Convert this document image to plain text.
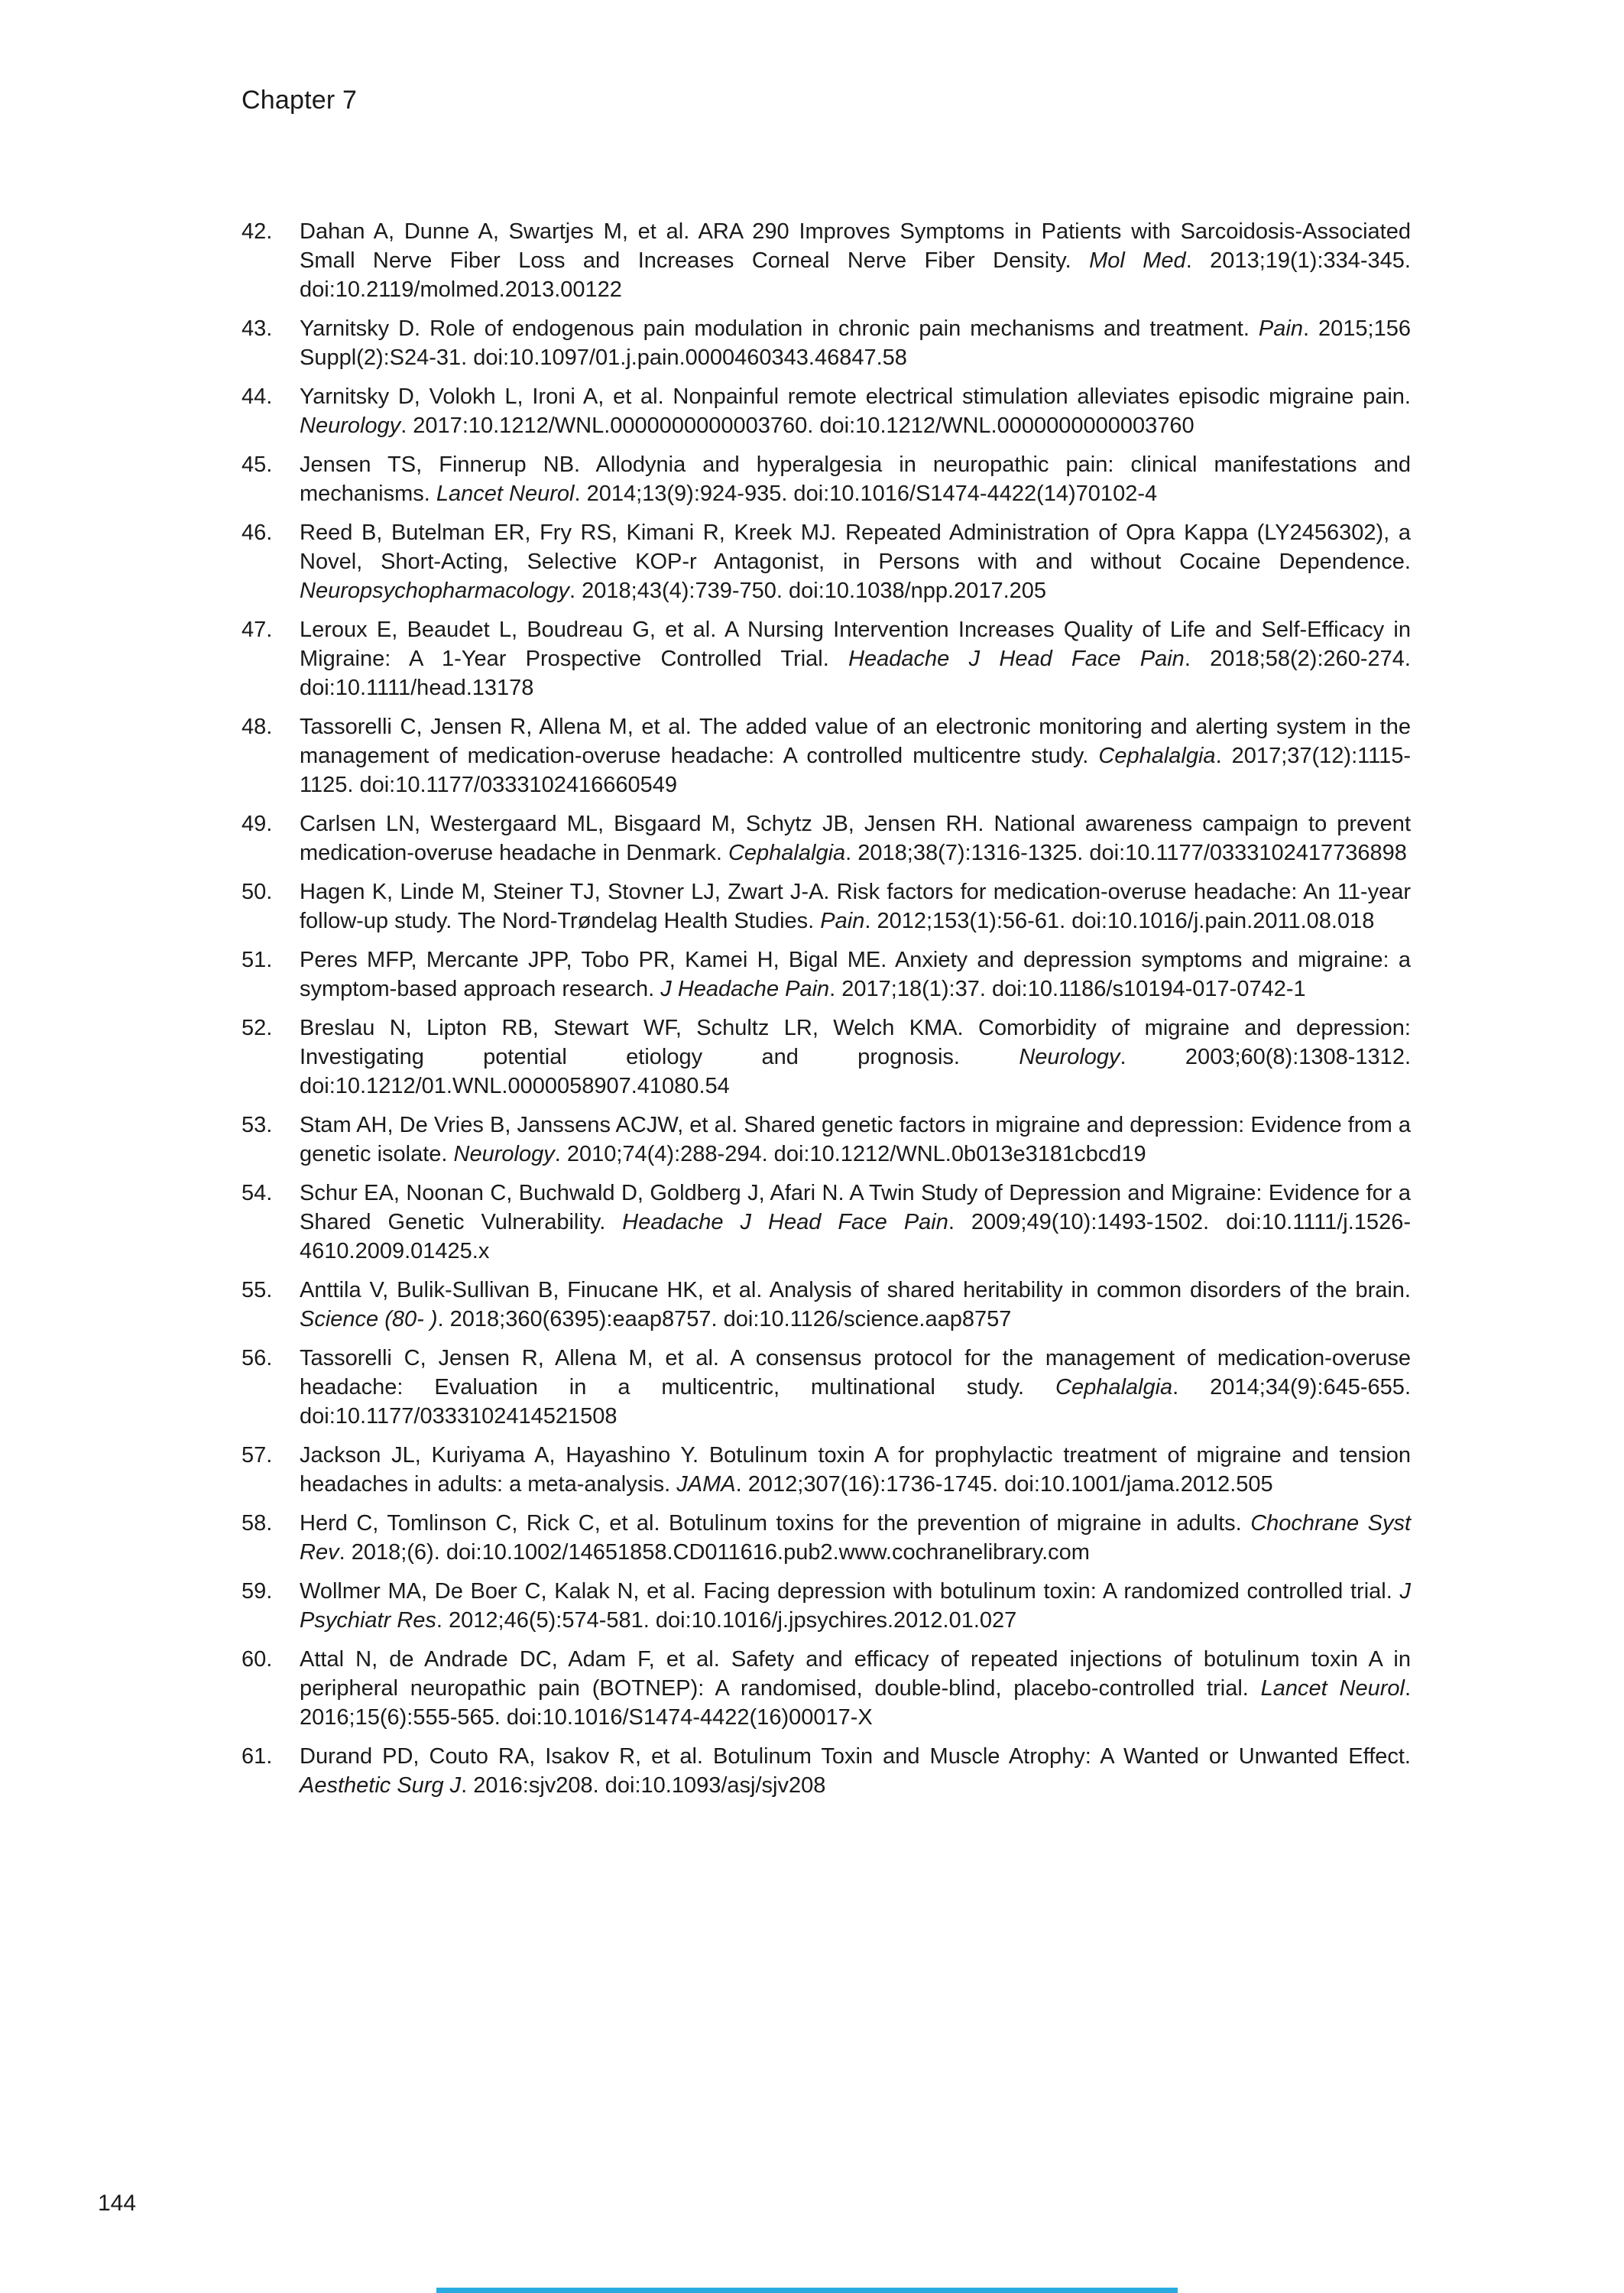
Chapter 7
42. Dahan A, Dunne A, Swartjes M, et al. ARA 290 Improves Symptoms in Patients with Sarcoidosis-Associated Small Nerve Fiber Loss and Increases Corneal Nerve Fiber Density. Mol Med. 2013;19(1):334-345. doi:10.2119/molmed.2013.00122
43. Yarnitsky D. Role of endogenous pain modulation in chronic pain mechanisms and treatment. Pain. 2015;156 Suppl(2):S24-31. doi:10.1097/01.j.pain.0000460343.46847.58
44. Yarnitsky D, Volokh L, Ironi A, et al. Nonpainful remote electrical stimulation alleviates episodic migraine pain. Neurology. 2017:10.1212/WNL.0000000000003760. doi:10.1212/WNL.0000000000003760
45. Jensen TS, Finnerup NB. Allodynia and hyperalgesia in neuropathic pain: clinical manifestations and mechanisms. Lancet Neurol. 2014;13(9):924-935. doi:10.1016/S1474-4422(14)70102-4
46. Reed B, Butelman ER, Fry RS, Kimani R, Kreek MJ. Repeated Administration of Opra Kappa (LY2456302), a Novel, Short-Acting, Selective KOP-r Antagonist, in Persons with and without Cocaine Dependence. Neuropsychopharmacology. 2018;43(4):739-750. doi:10.1038/npp.2017.205
47. Leroux E, Beaudet L, Boudreau G, et al. A Nursing Intervention Increases Quality of Life and Self-Efficacy in Migraine: A 1-Year Prospective Controlled Trial. Headache J Head Face Pain. 2018;58(2):260-274. doi:10.1111/head.13178
48. Tassorelli C, Jensen R, Allena M, et al. The added value of an electronic monitoring and alerting system in the management of medication-overuse headache: A controlled multicentre study. Cephalalgia. 2017;37(12):1115-1125. doi:10.1177/0333102416660549
49. Carlsen LN, Westergaard ML, Bisgaard M, Schytz JB, Jensen RH. National awareness campaign to prevent medication-overuse headache in Denmark. Cephalalgia. 2018;38(7):1316-1325. doi:10.1177/0333102417736898
50. Hagen K, Linde M, Steiner TJ, Stovner LJ, Zwart J-A. Risk factors for medication-overuse headache: An 11-year follow-up study. The Nord-Trøndelag Health Studies. Pain. 2012;153(1):56-61. doi:10.1016/j.pain.2011.08.018
51. Peres MFP, Mercante JPP, Tobo PR, Kamei H, Bigal ME. Anxiety and depression symptoms and migraine: a symptom-based approach research. J Headache Pain. 2017;18(1):37. doi:10.1186/s10194-017-0742-1
52. Breslau N, Lipton RB, Stewart WF, Schultz LR, Welch KMA. Comorbidity of migraine and depression: Investigating potential etiology and prognosis. Neurology. 2003;60(8):1308-1312. doi:10.1212/01.WNL.0000058907.41080.54
53. Stam AH, De Vries B, Janssens ACJW, et al. Shared genetic factors in migraine and depression: Evidence from a genetic isolate. Neurology. 2010;74(4):288-294. doi:10.1212/WNL.0b013e3181cbcd19
54. Schur EA, Noonan C, Buchwald D, Goldberg J, Afari N. A Twin Study of Depression and Migraine: Evidence for a Shared Genetic Vulnerability. Headache J Head Face Pain. 2009;49(10):1493-1502. doi:10.1111/j.1526-4610.2009.01425.x
55. Anttila V, Bulik-Sullivan B, Finucane HK, et al. Analysis of shared heritability in common disorders of the brain. Science (80- ). 2018;360(6395):eaap8757. doi:10.1126/science.aap8757
56. Tassorelli C, Jensen R, Allena M, et al. A consensus protocol for the management of medication-overuse headache: Evaluation in a multicentric, multinational study. Cephalalgia. 2014;34(9):645-655. doi:10.1177/0333102414521508
57. Jackson JL, Kuriyama A, Hayashino Y. Botulinum toxin A for prophylactic treatment of migraine and tension headaches in adults: a meta-analysis. JAMA. 2012;307(16):1736-1745. doi:10.1001/jama.2012.505
58. Herd C, Tomlinson C, Rick C, et al. Botulinum toxins for the prevention of migraine in adults. Chochrane Syst Rev. 2018;(6). doi:10.1002/14651858.CD011616.pub2.www.cochranelibrary.com
59. Wollmer MA, De Boer C, Kalak N, et al. Facing depression with botulinum toxin: A randomized controlled trial. J Psychiatr Res. 2012;46(5):574-581. doi:10.1016/j.jpsychires.2012.01.027
60. Attal N, de Andrade DC, Adam F, et al. Safety and efficacy of repeated injections of botulinum toxin A in peripheral neuropathic pain (BOTNEP): A randomised, double-blind, placebo-controlled trial. Lancet Neurol. 2016;15(6):555-565. doi:10.1016/S1474-4422(16)00017-X
61. Durand PD, Couto RA, Isakov R, et al. Botulinum Toxin and Muscle Atrophy: A Wanted or Unwanted Effect. Aesthetic Surg J. 2016:sjv208. doi:10.1093/asj/sjv208
144
